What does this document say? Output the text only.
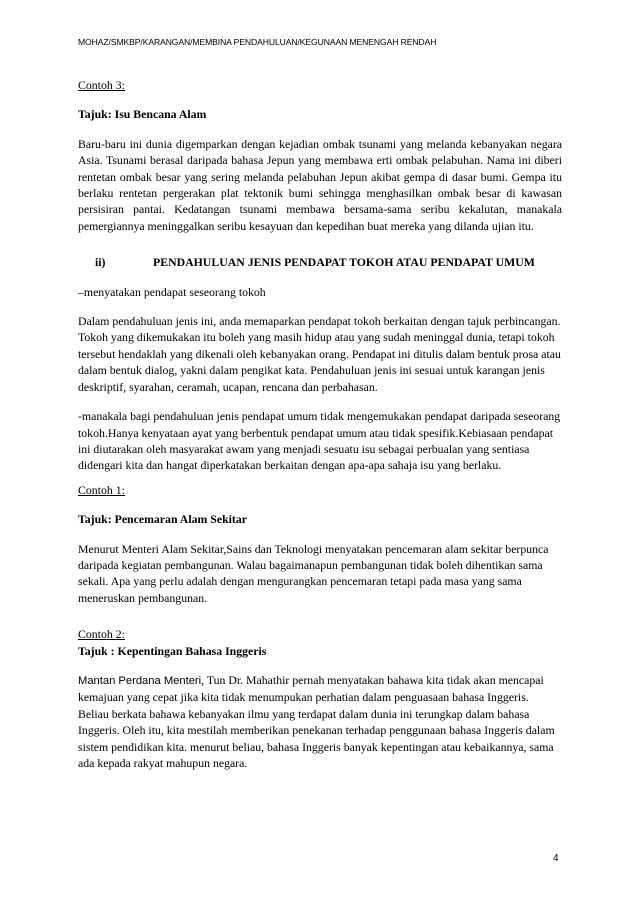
MOHAZ/SMKBP/KARANGAN/MEMBINA PENDAHULUAN/KEGUNAAN MENENGAH RENDAH

Contoh 3:

Tajuk: Isu Bencana Alam

Baru-baru ini dunia digemparkan dengan kejadian ombak tsunami yang melanda kebanyakan negara Asia. Tsunami berasal daripada bahasa Jepun yang membawa erti ombak pelabuhan. Nama ini diberi rentetan ombak besar yang sering melanda pelabuhan Jepun akibat gempa di dasar bumi. Gempa itu berlaku rentetan pergerakan plat tektonik bumi sehingga menghasilkan ombak besar di kawasan persisiran pantai. Kedatangan tsunami membawa bersama-sama seribu kekalutan, manakala pemergiannya meninggalkan seribu kesayuan dan kepedihan buat mereka yang dilanda ujian itu.

ii)	PENDAHULUAN JENIS PENDAPAT TOKOH ATAU PENDAPAT UMUM

–menyatakan pendapat seseorang tokoh

Dalam pendahuluan jenis ini, anda memaparkan pendapat tokoh berkaitan dengan tajuk perbincangan. Tokoh yang dikemukakan itu boleh yang masih hidup atau yang sudah meninggal dunia, tetapi tokoh tersebut hendaklah yang dikenali oleh kebanyakan orang. Pendapat ini ditulis dalam bentuk prosa atau dalam bentuk dialog, yakni dalam pengikat kata. Pendahuluan jenis ini sesuai untuk karangan jenis deskriptif, syarahan, ceramah, ucapan, rencana dan perbahasan.

-manakala bagi pendahuluan jenis pendapat umum tidak mengemukakan pendapat daripada seseorang tokoh.Hanya kenyataan ayat yang berbentuk pendapat umum atau tidak spesifik.Kebiasaan pendapat ini diutarakan oleh masyarakat awam yang menjadi sesuatu isu sebagai perbualan yang sentiasa didengari kita dan hangat diperkatakan berkaitan dengan apa-apa sahaja isu yang berlaku.

Contoh 1:

Tajuk: Pencemaran Alam Sekitar

Menurut Menteri Alam Sekitar,Sains dan Teknologi menyatakan pencemaran alam sekitar berpunca daripada kegiatan pembangunan. Walau bagaimanapun pembangunan tidak boleh dihentikan sama sekali. Apa yang perlu adalah dengan mengurangkan pencemaran tetapi pada masa yang sama meneruskan pembangunan.

Contoh 2:

Tajuk : Kepentingan Bahasa Inggeris

Mantan Perdana Menteri, Tun Dr. Mahathir pernah menyatakan bahawa kita tidak akan mencapai kemajuan yang cepat jika kita tidak menumpukan perhatian dalam penguasaan bahasa Inggeris. Beliau berkata bahawa kebanyakan ilmu yang terdapat dalam dunia ini terungkap dalam bahasa Inggeris. Oleh itu, kita mestilah memberikan penekanan terhadap penggunaan bahasa Inggeris dalam sistem pendidikan kita. menurut beliau, bahasa Inggeris banyak kepentingan atau kebaikannya, sama ada kepada rakyat mahupun negara.

4
